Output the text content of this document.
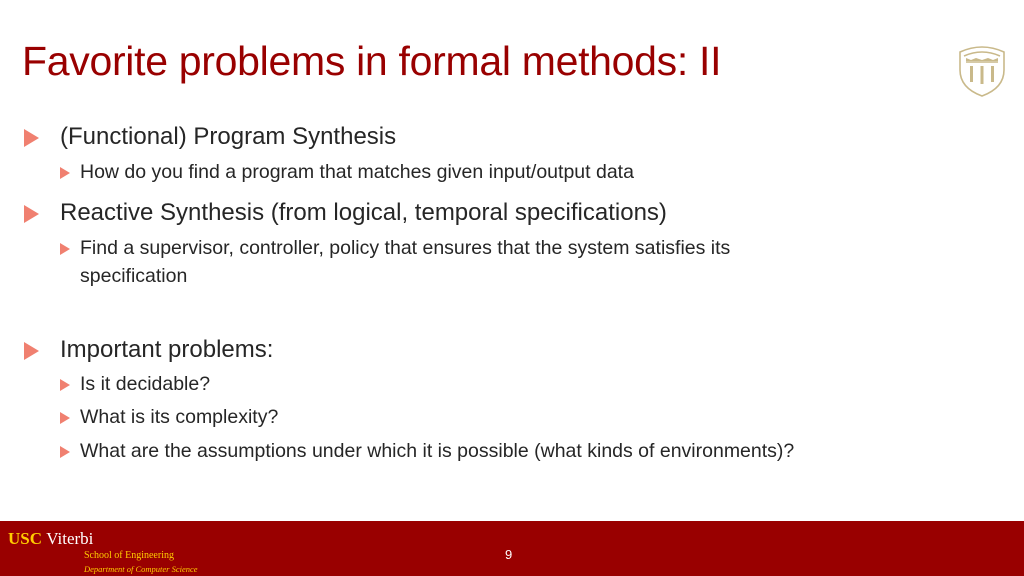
Favorite problems in formal methods: II
(Functional) Program Synthesis
How do you find a program that matches given input/output data
Reactive Synthesis (from logical, temporal specifications)
Find a supervisor, controller, policy that ensures that the system satisfies its
specification
Important problems:
Is it decidable?
What is its complexity?
What are the assumptions under which it is possible (what kinds of environments)?
USC Viterbi
School of Engineering
Department of Computer Science
9
